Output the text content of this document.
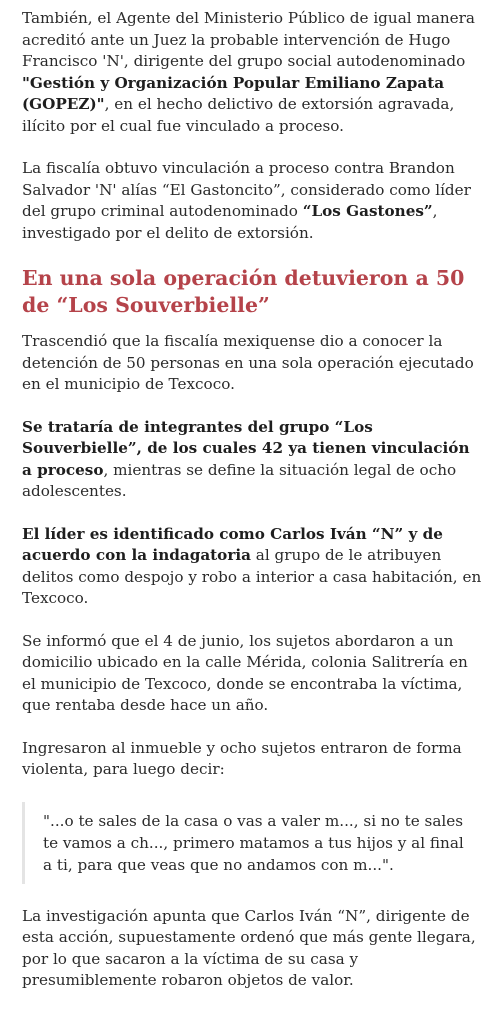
También, el Agente del Ministerio Público de igual manera acreditó ante un Juez la probable intervención de Hugo Francisco 'N', dirigente del grupo social autodenominado "Gestión y Organización Popular Emiliano Zapata (GOPEZ)", en el hecho delictivo de extorsión agravada, ilícito por el cual fue vinculado a proceso.

La fiscalía obtuvo vinculación a proceso contra Brandon Salvador 'N' alías “El Gastoncito”, considerado como líder del grupo criminal autodenominado “Los Gastones”, investigado por el delito de extorsión.

En una sola operación detuvieron a 50 de “Los Souverbielle”

Trascendió que la fiscalía mexiquense dio a conocer la detención de 50 personas en una sola operación ejecutado en el municipio de Texcoco.

Se trataría de integrantes del grupo “Los Souverbielle”, de los cuales 42 ya tienen vinculación a proceso, mientras se define la situación legal de ocho adolescentes.

El líder es identificado como Carlos Iván “N” y de acuerdo con la indagatoria al grupo de le atribuyen delitos como despojo y robo a interior a casa habitación, en Texcoco.

Se informó que el 4 de junio, los sujetos abordaron a un domicilio ubicado en la calle Mérida, colonia Salitrería en el municipio de Texcoco, donde se encontraba la víctima, que rentaba desde hace un año.

Ingresaron al inmueble y ocho sujetos entraron de forma violenta, para luego decir:

"...o te sales de la casa o vas a valer m..., si no te sales te vamos a ch..., primero matamos a tus hijos y al final a ti, para que veas que no andamos con m...".

La investigación apunta que Carlos Iván “N”, dirigente de esta acción, supuestamente ordenó que más gente llegara, por lo que sacaron a la víctima de su casa y presumiblemente robaron objetos de valor.
